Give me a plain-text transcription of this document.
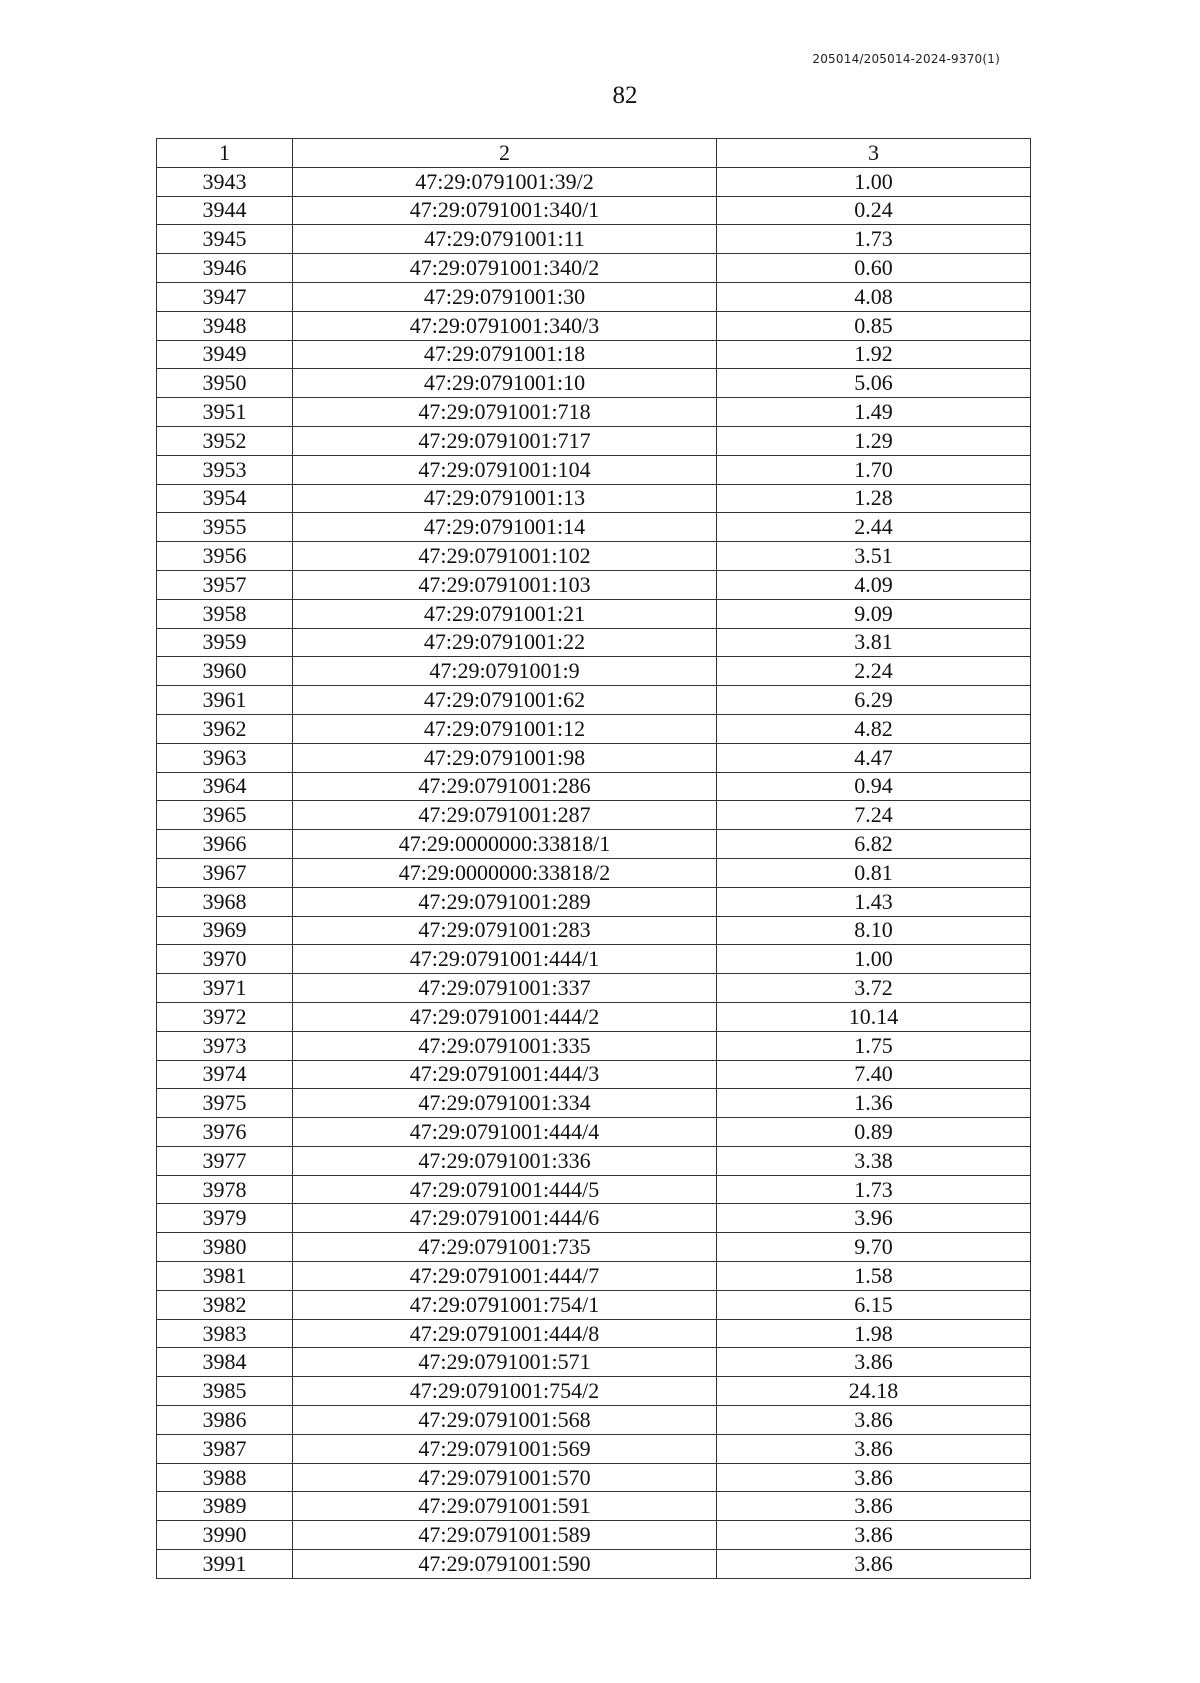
205014/205014-2024-9370(1)
82
1	2	3
3943	47:29:0791001:39/2	1.00
3944	47:29:0791001:340/1	0.24
3945	47:29:0791001:11	1.73
3946	47:29:0791001:340/2	0.60
3947	47:29:0791001:30	4.08
3948	47:29:0791001:340/3	0.85
3949	47:29:0791001:18	1.92
3950	47:29:0791001:10	5.06
3951	47:29:0791001:718	1.49
3952	47:29:0791001:717	1.29
3953	47:29:0791001:104	1.70
3954	47:29:0791001:13	1.28
3955	47:29:0791001:14	2.44
3956	47:29:0791001:102	3.51
3957	47:29:0791001:103	4.09
3958	47:29:0791001:21	9.09
3959	47:29:0791001:22	3.81
3960	47:29:0791001:9	2.24
3961	47:29:0791001:62	6.29
3962	47:29:0791001:12	4.82
3963	47:29:0791001:98	4.47
3964	47:29:0791001:286	0.94
3965	47:29:0791001:287	7.24
3966	47:29:0000000:33818/1	6.82
3967	47:29:0000000:33818/2	0.81
3968	47:29:0791001:289	1.43
3969	47:29:0791001:283	8.10
3970	47:29:0791001:444/1	1.00
3971	47:29:0791001:337	3.72
3972	47:29:0791001:444/2	10.14
3973	47:29:0791001:335	1.75
3974	47:29:0791001:444/3	7.40
3975	47:29:0791001:334	1.36
3976	47:29:0791001:444/4	0.89
3977	47:29:0791001:336	3.38
3978	47:29:0791001:444/5	1.73
3979	47:29:0791001:444/6	3.96
3980	47:29:0791001:735	9.70
3981	47:29:0791001:444/7	1.58
3982	47:29:0791001:754/1	6.15
3983	47:29:0791001:444/8	1.98
3984	47:29:0791001:571	3.86
3985	47:29:0791001:754/2	24.18
3986	47:29:0791001:568	3.86
3987	47:29:0791001:569	3.86
3988	47:29:0791001:570	3.86
3989	47:29:0791001:591	3.86
3990	47:29:0791001:589	3.86
3991	47:29:0791001:590	3.86
